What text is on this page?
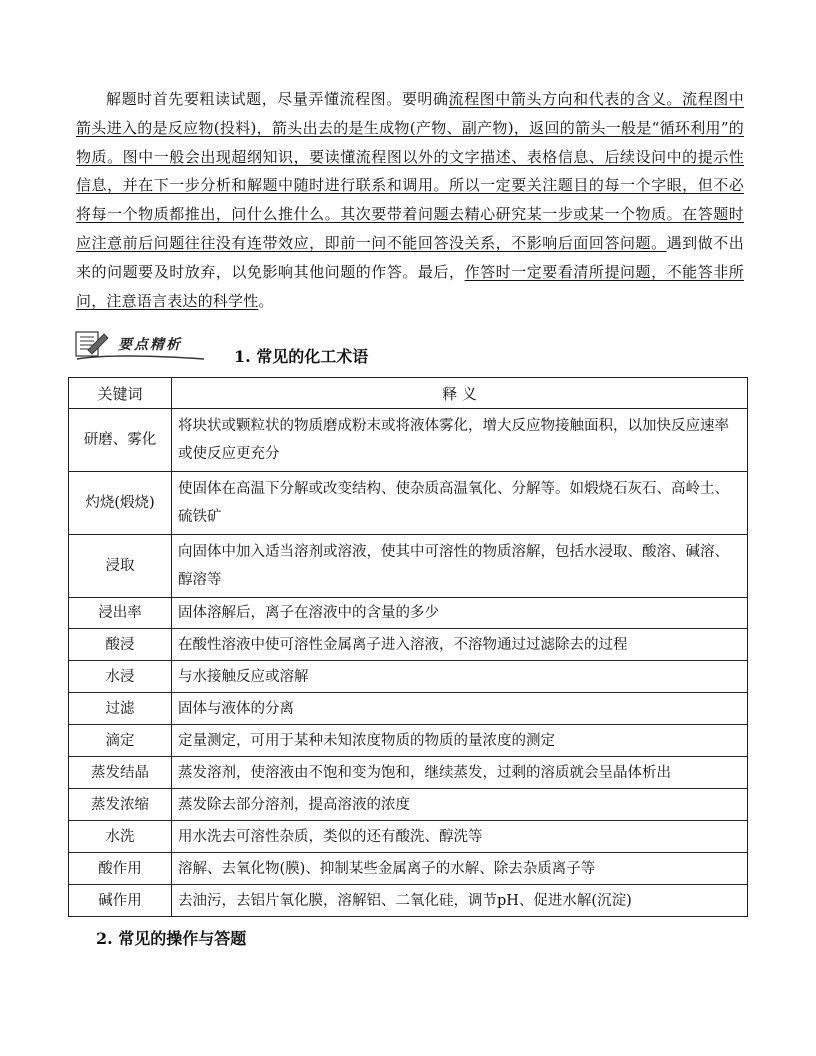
解题时首先要粗读试题，尽量弄懂流程图。要明确流程图中箭头方向和代表的含义。流程图中箭头进入的是反应物(投料)，箭头出去的是生成物(产物、副产物)，返回的箭头一般是“循环利用”的物质。图中一般会出现超纲知识，要读懂流程图以外的文字描述、表格信息、后续设问中的提示性信息，并在下一步分析和解题中随时进行联系和调用。所以一定要关注题目的每一个字眼，但不必将每一个物质都推出，问什么推什么。其次要带着问题去精心研究某一步或某一个物质。在答题时应注意前后问题往往没有连带效应，即前一问不能回答没关系，不影响后面回答问题。遇到做不出来的问题要及时放弃，以免影响其他问题的作答。最后，作答时一定要看清所提问题，不能答非所问，注意语言表达的科学性。

要点精析
1. 常见的化工术语
关键词	释 义
研磨、雾化	将块状或颗粒状的物质磨成粉末或将液体雾化，增大反应物接触面积，以加快反应速率或使反应更充分
灼烧(煅烧)	使固体在高温下分解或改变结构、使杂质高温氧化、分解等。如煅烧石灰石、高岭土、硫铁矿
浸取	向固体中加入适当溶剂或溶液，使其中可溶性的物质溶解，包括水浸取、酸溶、碱溶、醇溶等
浸出率	固体溶解后，离子在溶液中的含量的多少
酸浸	在酸性溶液中使可溶性金属离子进入溶液，不溶物通过过滤除去的过程
水浸	与水接触反应或溶解
过滤	固体与液体的分离
滴定	定量测定，可用于某种未知浓度物质的物质的量浓度的测定
蒸发结晶	蒸发溶剂，使溶液由不饱和变为饱和，继续蒸发，过剩的溶质就会呈晶体析出
蒸发浓缩	蒸发除去部分溶剂，提高溶液的浓度
水洗	用水洗去可溶性杂质，类似的还有酸洗、醇洗等
酸作用	溶解、去氧化物(膜)、抑制某些金属离子的水解、除去杂质离子等
碱作用	去油污，去铝片氧化膜，溶解铝、二氧化硅，调节pH、促进水解(沉淀)
2. 常见的操作与答题
